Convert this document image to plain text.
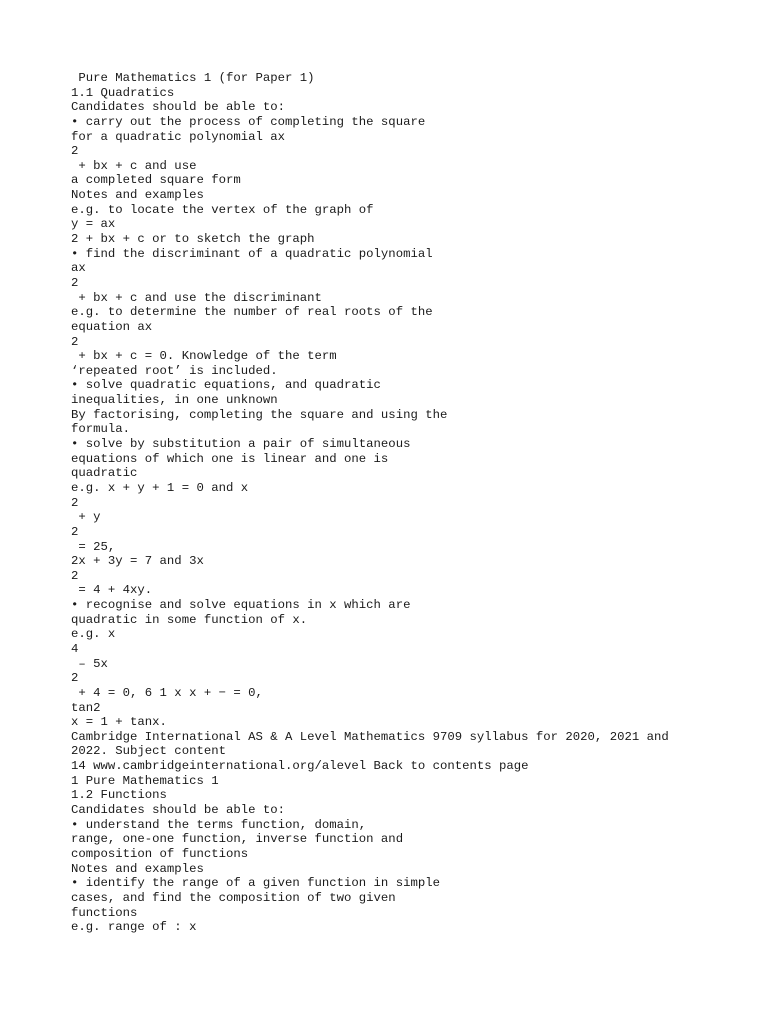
Pure Mathematics 1 (for Paper 1)
1.1 Quadratics
Candidates should be able to:
• carry out the process of completing the square
for a quadratic polynomial ax
2
+ bx + c and use
a completed square form
Notes and examples
e.g. to locate the vertex of the graph of
y = ax
2 + bx + c or to sketch the graph
• find the discriminant of a quadratic polynomial
ax
2
+ bx + c and use the discriminant
e.g. to determine the number of real roots of the
equation ax
2
+ bx + c = 0. Knowledge of the term
‘repeated root’ is included.
• solve quadratic equations, and quadratic
inequalities, in one unknown
By factorising, completing the square and using the
formula.
• solve by substitution a pair of simultaneous
equations of which one is linear and one is
quadratic
e.g. x + y + 1 = 0 and x
2
+ y
2
= 25,
2x + 3y = 7 and 3x
2
= 4 + 4xy.
• recognise and solve equations in x which are
quadratic in some function of x.
e.g. x
4
– 5x
2
+ 4 = 0, 6 1 x x + − = 0,
tan2
x = 1 + tanx.
Cambridge International AS & A Level Mathematics 9709 syllabus for 2020, 2021 and
2022. Subject content
14 www.cambridgeinternational.org/alevel Back to contents page
1 Pure Mathematics 1
1.2 Functions
Candidates should be able to:
• understand the terms function, domain,
range, one-one function, inverse function and
composition of functions
Notes and examples
• identify the range of a given function in simple
cases, and find the composition of two given
functions
e.g. range of : x
